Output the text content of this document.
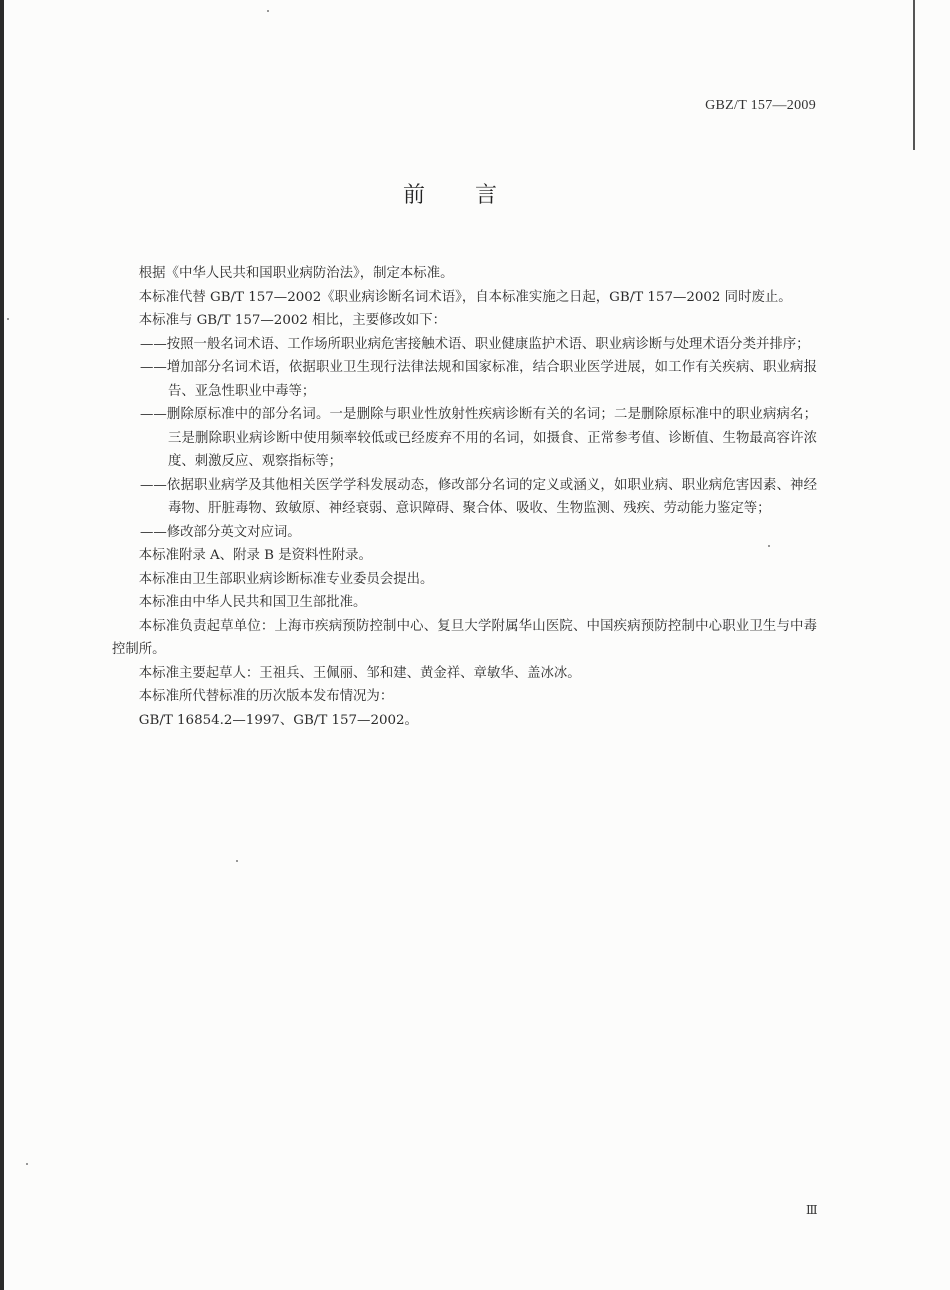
GBZ/T 157—2009
前言

根据《中华人民共和国职业病防治法》，制定本标准。

本标准代替 GB/T 157—2002《职业病诊断名词术语》，自本标准实施之日起，GB/T 157—2002 同时废止。

本标准与 GB/T 157—2002 相比，主要修改如下：

——按照一般名词术语、工作场所职业病危害接触术语、职业健康监护术语、职业病诊断与处理术语分类并排序；

——增加部分名词术语，依据职业卫生现行法律法规和国家标准，结合职业医学进展，如工作有关疾病、职业病报告、亚急性职业中毒等；

——删除原标准中的部分名词。一是删除与职业性放射性疾病诊断有关的名词；二是删除原标准中的职业病病名；三是删除职业病诊断中使用频率较低或已经废弃不用的名词，如摄食、正常参考值、诊断值、生物最高容许浓度、刺激反应、观察指标等；

——依据职业病学及其他相关医学学科发展动态，修改部分名词的定义或涵义，如职业病、职业病危害因素、神经毒物、肝脏毒物、致敏原、神经衰弱、意识障碍、聚合体、吸收、生物监测、残疾、劳动能力鉴定等；

——修改部分英文对应词。

本标准附录 A、附录 B 是资料性附录。

本标准由卫生部职业病诊断标准专业委员会提出。

本标准由中华人民共和国卫生部批准。

本标准负责起草单位：上海市疾病预防控制中心、复旦大学附属华山医院、中国疾病预防控制中心职业卫生与中毒控制所。

本标准主要起草人：王祖兵、王佩丽、邹和建、黄金祥、章敏华、盖冰冰。

本标准所代替标准的历次版本发布情况为：

GB/T 16854.2—1997、GB/T 157—2002。

Ⅲ
